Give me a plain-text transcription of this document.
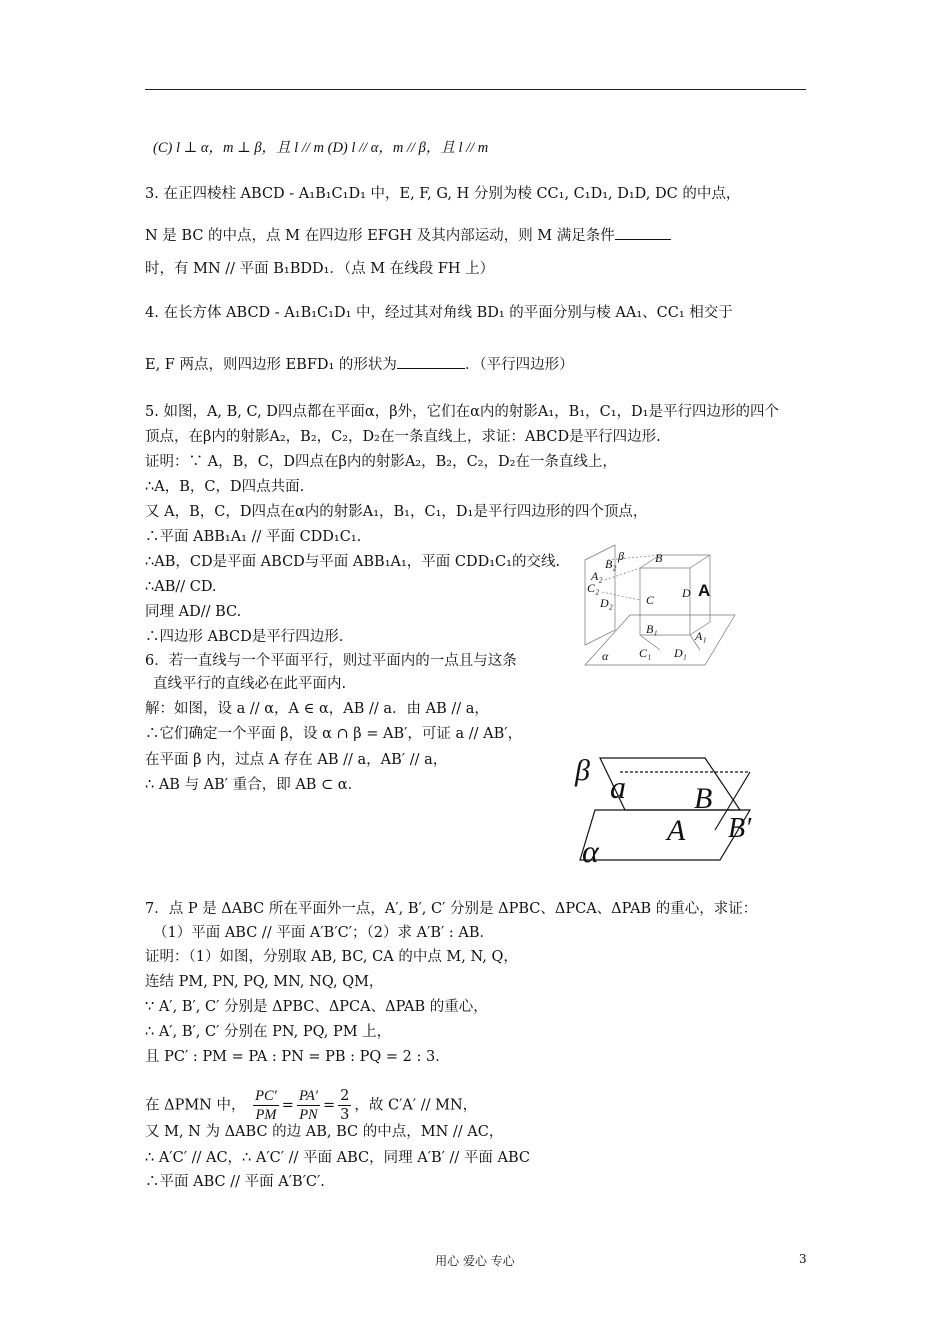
(C) l ⊥ α，m ⊥ β，且 l // m (D) l // α，m // β，且 l // m
3. 在正四棱柱 ABCD - A₁B₁C₁D₁ 中，E, F, G, H 分别为棱 CC₁, C₁D₁, D₁D, DC 的中点，
N 是 BC 的中点，点 M 在四边形 EFGH 及其内部运动，则 M 满足条件
时，有 MN // 平面 B₁BDD₁．（点 M 在线段 FH 上）
4. 在长方体 ABCD - A₁B₁C₁D₁ 中，经过其对角线 BD₁ 的平面分别与棱 AA₁、CC₁ 相交于
E, F 两点，则四边形 EBFD₁ 的形状为	．（平行四边形）
5. 如图，A, B, C, D四点都在平面α，β外，它们在α内的射影A₁，B₁，C₁，D₁是平行四边形的四个
顶点，在β内的射影A₂，B₂，C₂，D₂在一条直线上，求证：ABCD是平行四边形.
证明：∵ A，B，C，D四点在β内的射影A₂，B₂，C₂，D₂在一条直线上，
∴A，B，C，D四点共面.
又 A，B，C，D四点在α内的射影A₁，B₁，C₁，D₁是平行四边形的四个顶点，
∴平面 ABB₁A₁ // 平面 CDD₁C₁.
∴AB，CD是平面 ABCD与平面 ABB₁A₁，平面 CDD₁C₁的交线.
∴AB// CD.
同理 AD// BC.
∴四边形 ABCD是平行四边形.
6．若一直线与一个平面平行，则过平面内的一点且与这条
直线平行的直线必在此平面内.
解：如图，设 a // α，A ∈ α，AB // a．由 AB // a，
∴它们确定一个平面 β，设 α ∩ β = AB′，可证 a // AB′，
在平面 β 内，过点 A 存在 AB // a，AB′ // a，
∴ AB 与 AB′ 重合，即 AB ⊂ α．
7．点 P 是 ΔABC 所在平面外一点，A′, B′, C′ 分别是 ΔPBC、ΔPCA、ΔPAB 的重心，求证：
（1）平面 ABC // 平面 A′B′C′；（2）求 A′B′ : AB．
证明：（1）如图，分别取 AB, BC, CA 的中点 M, N, Q，
连结 PM, PN, PQ, MN, NQ, QM，
∵ A′, B′, C′ 分别是 ΔPBC、ΔPCA、ΔPAB 的重心，
∴ A′, B′, C′ 分别在 PN, PQ, PM 上，
且 PC′ : PM = PA : PN = PB : PQ = 2 : 3．
在 ΔPMN 中， $\frac{PC'}{PM} = \frac{PA'}{PN} = \frac{2}{3}$ ，故 C′A′ // MN，
又 M, N 为 ΔABC 的边 AB, BC 的中点，MN // AC，
∴ A′C′ // AC，∴ A′C′ // 平面 ABC，同理 A′B′ // 平面 ABC
∴平面 ABC // 平面 A′B′C′.
B₂
β	B
A₂
C₂
D₂	C D
B₁	A₁
α	C₁ D₁
A
β a B
A B′
α
用心 爱心 专心	3
